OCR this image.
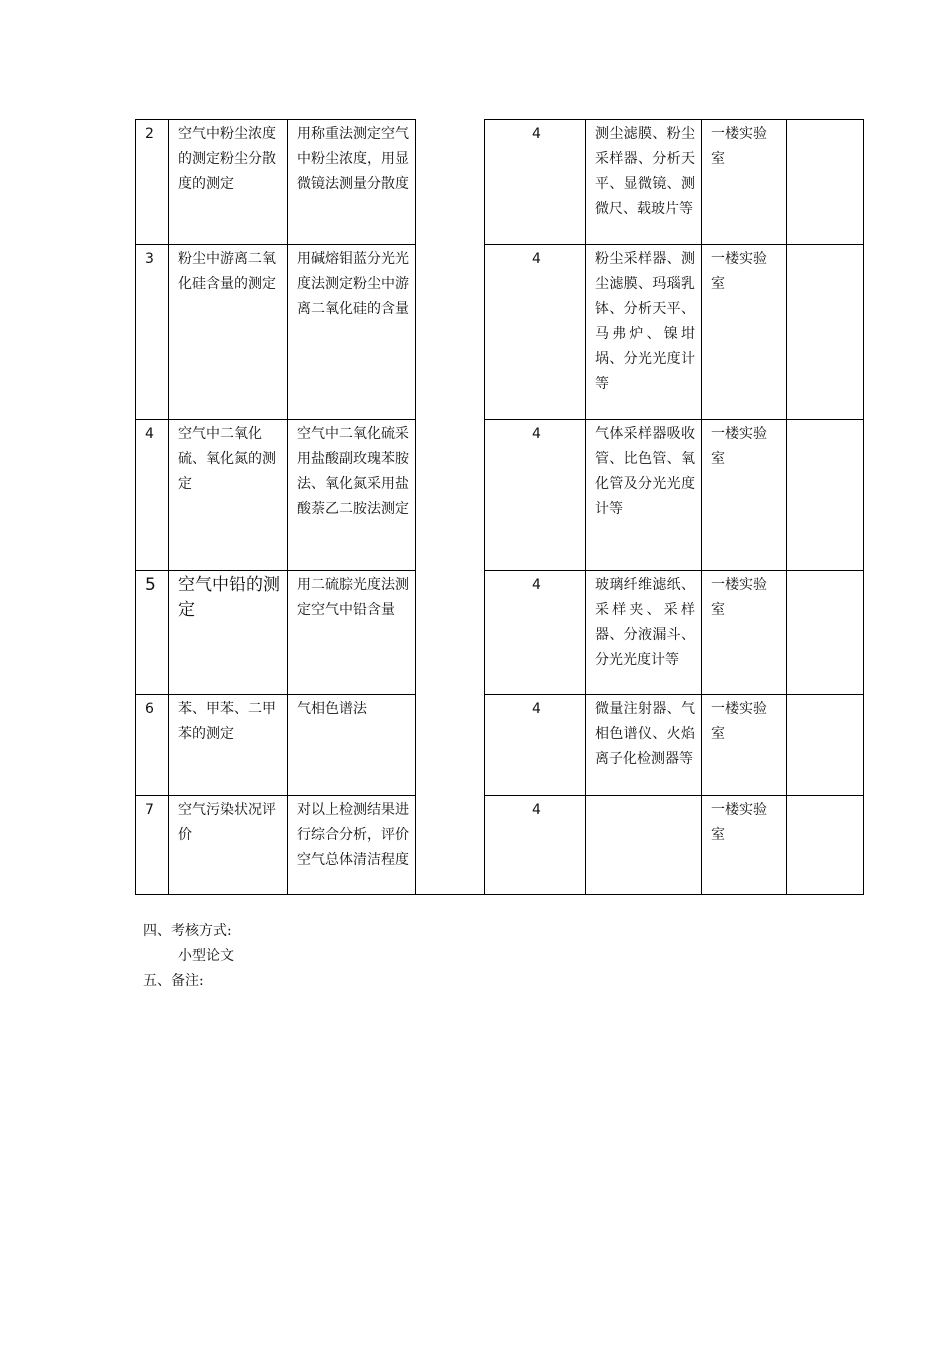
2	空气中粉尘浓度的测定粉尘分散度的测定	用称重法测定空气中粉尘浓度，用显微镜法测量分散度		4	测尘滤膜、粉尘采样器、分析天平、显微镜、测微尺、载玻片等	一楼实验室	
3	粉尘中游离二氧化硅含量的测定	用碱熔钼蓝分光光度法测定粉尘中游离二氧化硅的含量		4	粉尘采样器、测尘滤膜、玛瑙乳钵、分析天平、马弗炉、镍坩埚、分光光度计等	一楼实验室	
4	空气中二氧化硫、氧化氮的测定	空气中二氧化硫采用盐酸副玫瑰苯胺法、氧化氮采用盐酸萘乙二胺法测定		4	气体采样器吸收管、比色管、氧化管及分光光度计等	一楼实验室	
5	空气中铅的测定	用二硫腙光度法测定空气中铅含量		4	玻璃纤维滤纸、采样夹、采样器、分液漏斗、分光光度计等	一楼实验室	
6	苯、甲苯、二甲苯的测定	气相色谱法		4	微量注射器、气相色谱仪、火焰离子化检测器等	一楼实验室	
7	空气污染状况评价	对以上检测结果进行综合分析，评价空气总体清洁程度		4		一楼实验室	
四、考核方式:
小型论文
五、备注:
